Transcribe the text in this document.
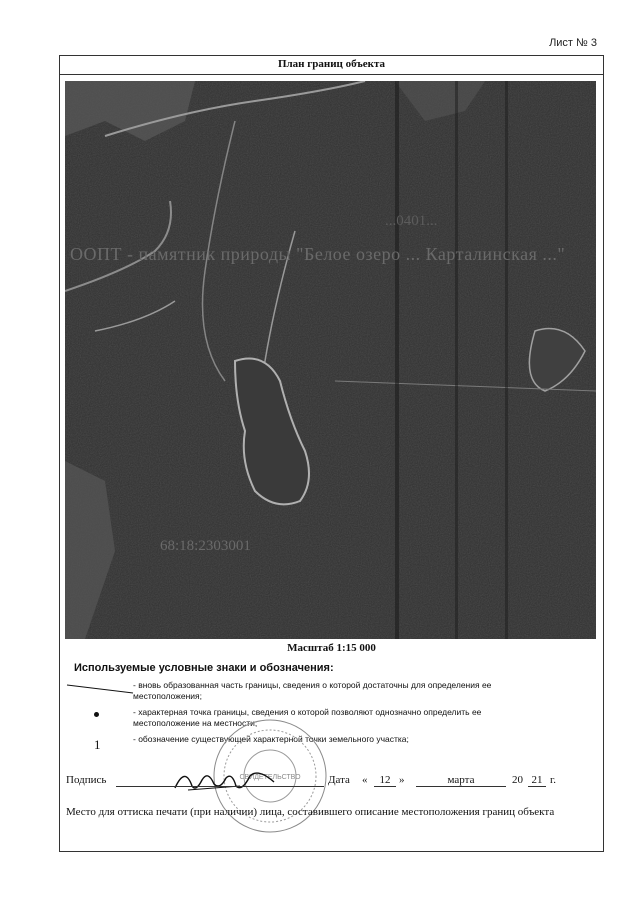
Лист № 3
План границ объекта
ООПТ - памятник природы "Белое озеро ... Карталинская ..."
...0401...
68:18:2303001
Масштаб 1:15 000
Используемые условные знаки и обозначения:
- вновь образованная часть границы, сведения о которой достаточны для определения ее местоположения;
- характерная точка границы, сведения о которой позволяют однозначно определить ее местоположение на местности;
1	- обозначение существующей характерной точки земельного участка;
СВИДЕТЕЛЬСТВО
Подпись	Дата «	12 »	марта	20 21 г.
Место для оттиска печати (при наличии) лица, составившего описание местоположения границ объекта
